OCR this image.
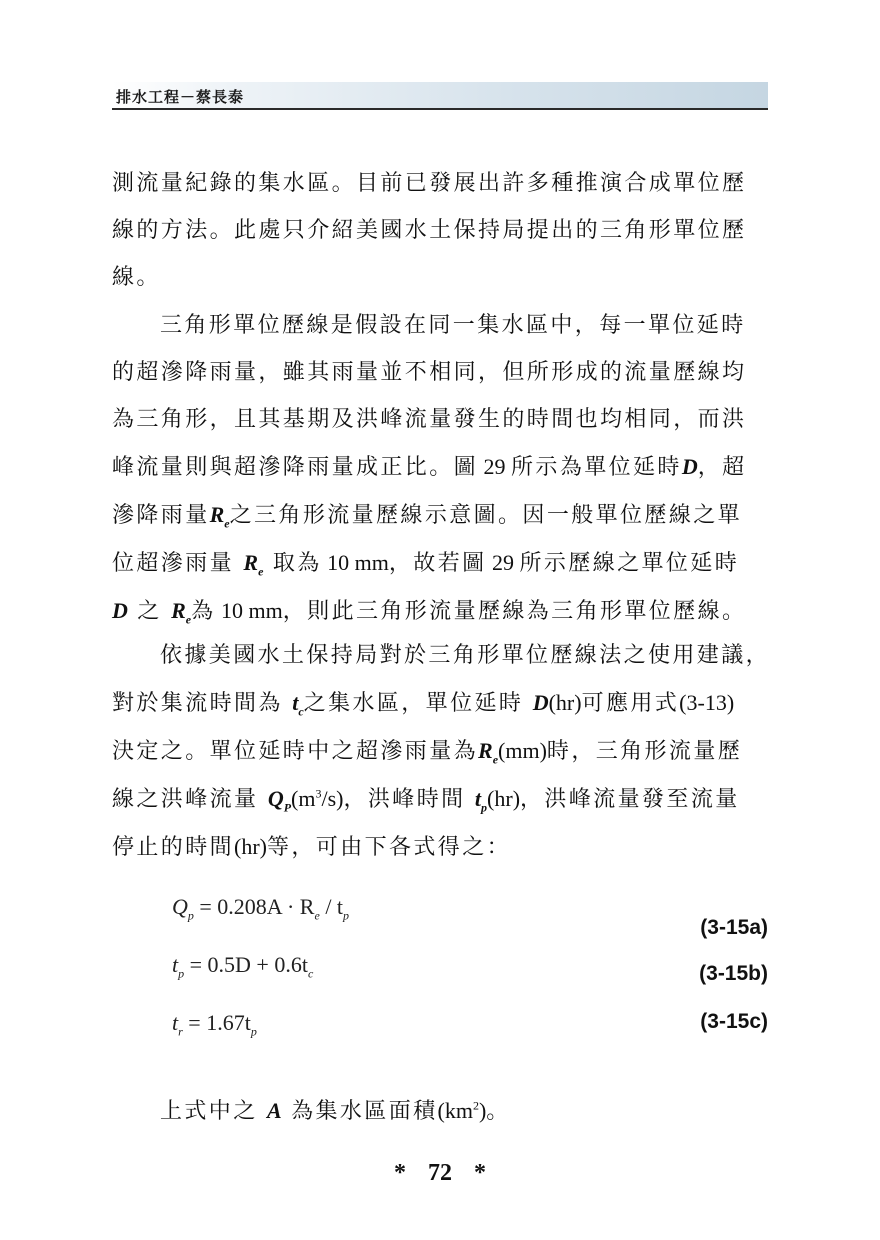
排水工程－蔡長泰
測流量紀錄的集水區。目前已發展出許多種推演合成單位歷
線的方法。此處只介紹美國水土保持局提出的三角形單位歷
線。
三角形單位歷線是假設在同一集水區中，每一單位延時
的超滲降雨量，雖其雨量並不相同，但所形成的流量歷線均
為三角形，且其基期及洪峰流量發生的時間也均相同，而洪
峰流量則與超滲降雨量成正比。圖 29 所示為單位延時D，超
滲降雨量$R_e$之三角形流量歷線示意圖。因一般單位歷線之單
位超滲雨量 $R_e$ 取為 10 mm，故若圖 29 所示歷線之單位延時
D 之 $R_e$為 10 mm，則此三角形流量歷線為三角形單位歷線。
依據美國水土保持局對於三角形單位歷線法之使用建議，
對於集流時間為 $t_c$之集水區，單位延時 D(hr)可應用式(3-13)
決定之。單位延時中之超滲雨量為$R_e(mm)$時，三角形流量歷
線之洪峰流量 $Q_P(m^3/s)$，洪峰時間 $t_p(hr)$，洪峰流量發至流量
停止的時間(hr)等，可由下各式得之：
$Q_p = 0.208A \cdot R_e / t_p$
(3-15a)
$t_p = 0.5D + 0.6t_c$	(3-15b)
$t_r = 1.67t_p$	(3-15c)
上式中之 A 為集水區面積$(km^2)$。
* 72 *
